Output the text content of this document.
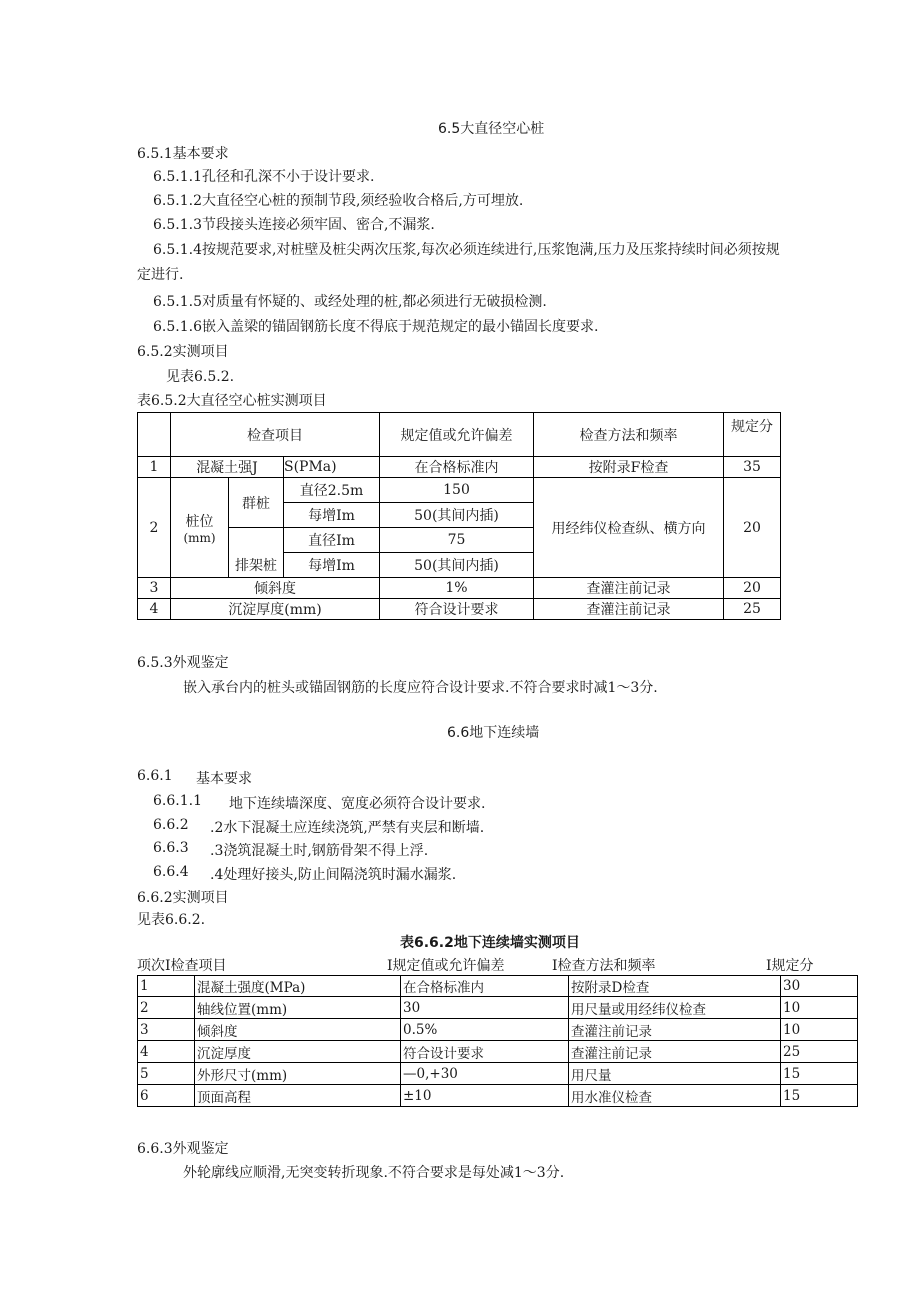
6.5大直径空心桩
6.5.1基本要求
6.5.1.1孔径和孔深不小于设计要求.
6.5.1.2大直径空心桩的预制节段,须经验收合格后,方可埋放.
6.5.1.3节段接头连接必须牢固、密合,不漏浆.
6.5.1.4按规范要求,对桩壁及桩尖两次压浆,每次必须连续进行,压浆饱满,压力及压浆持续时间必须按规
定进行.
6.5.1.5对质量有怀疑的、或经处理的桩,都必须进行无破损检测.
6.5.1.6嵌入盖梁的锚固钢筋长度不得底于规范规定的最小锚固长度要求.
6.5.2实测项目
见表6.5.2.
表6.5.2大直径空心桩实测项目
	检查项目			规定值或允许偏差	检查方法和频率	规定分
1	混凝土强J		S(PMa)	在合格标准内	按附录F检查	35
2	桩位
(mm)	群桩	直径2.5m	150	用经纬仪检查纵、横方向	20
			每增Im	50(其间内插)		
		排架桩	直径Im	75		
			每增Im	50(其间内插)		
3	倾斜度			1%	查灌注前记录	20
4	沉淀厚度(mm)			符合设计要求	查灌注前记录	25
6.5.3外观鉴定
嵌入承台内的桩头或锚固钢筋的长度应符合设计要求.不符合要求时减1～3分.
6.6地下连续墙
6.6.1 基本要求
6.6.1.1 地下连续墙深度、宽度必须符合设计要求.
6.6.2 .2水下混凝土应连续浇筑,严禁有夹层和断墙.
6.6.3 .3浇筑混凝土时,钢筋骨架不得上浮.
6.6.4 .4处理好接头,防止间隔浇筑时漏水漏浆.
6.6.2实测项目
见表6.6.2.
表6.6.2地下连续墙实测项目
项次I检查项目	I规定值或允许偏差	I检查方法和频率	I规定分
1	混凝土强度(MPa)	在合格标准内	按附录D检查	30
2	轴线位置(mm)	30	用尺量或用经纬仪检查	10
3	倾斜度	0.5%	查灌注前记录	10
4	沉淀厚度	符合设计要求	查灌注前记录	25
5	外形尺寸(mm)	—0,+30	用尺量	15
6	顶面高程	±10	用水准仪检查	15
6.6.3外观鉴定
外轮廓线应顺滑,无突变转折现象.不符合要求是每处减1～3分.
